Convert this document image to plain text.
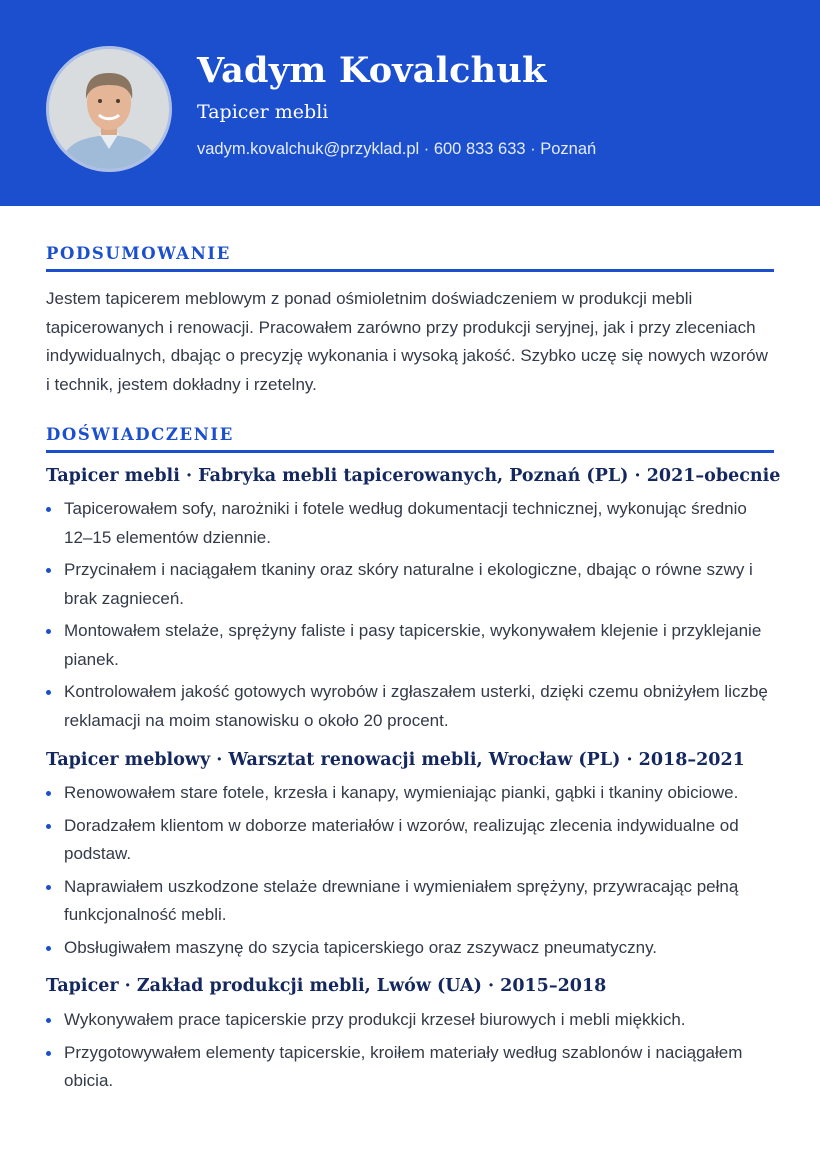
Vadym Kovalchuk
Tapicer mebli
vadym.kovalchuk@przyklad.pl · 600 833 633 · Poznań
PODSUMOWANIE

Jestem tapicerem meblowym z ponad ośmioletnim doświadczeniem w produkcji mebli tapicerowanych i renowacji. Pracowałem zarówno przy produkcji seryjnej, jak i przy zleceniach indywidualnych, dbając o precyzję wykonania i wysoką jakość. Szybko uczę się nowych wzorów i technik, jestem dokładny i rzetelny.

DOŚWIADCZENIE
Tapicer mebli · Fabryka mebli tapicerowanych, Poznań (PL) · 2021–obecnie
Tapicerowałem sofy, narożniki i fotele według dokumentacji technicznej, wykonując średnio 12–15 elementów dziennie.
Przycinałem i naciągałem tkaniny oraz skóry naturalne i ekologiczne, dbając o równe szwy i brak zagnieceń.
Montowałem stelaże, sprężyny faliste i pasy tapicerskie, wykonywałem klejenie i przyklejanie pianek.
Kontrolowałem jakość gotowych wyrobów i zgłaszałem usterki, dzięki czemu obniżyłem liczbę reklamacji na moim stanowisku o około 20 procent.
Tapicer meblowy · Warsztat renowacji mebli, Wrocław (PL) · 2018–2021
Renowowałem stare fotele, krzesła i kanapy, wymieniając pianki, gąbki i tkaniny obiciowe.
Doradzałem klientom w doborze materiałów i wzorów, realizując zlecenia indywidualne od podstaw.
Naprawiałem uszkodzone stelaże drewniane i wymieniałem sprężyny, przywracając pełną funkcjonalność mebli.
Obsługiwałem maszynę do szycia tapicerskiego oraz zszywacz pneumatyczny.
Tapicer · Zakład produkcji mebli, Lwów (UA) · 2015–2018
Wykonywałem prace tapicerskie przy produkcji krzeseł biurowych i mebli miękkich.
Przygotowywałem elementy tapicerskie, kroiłem materiały według szablonów i naciągałem obicia.
